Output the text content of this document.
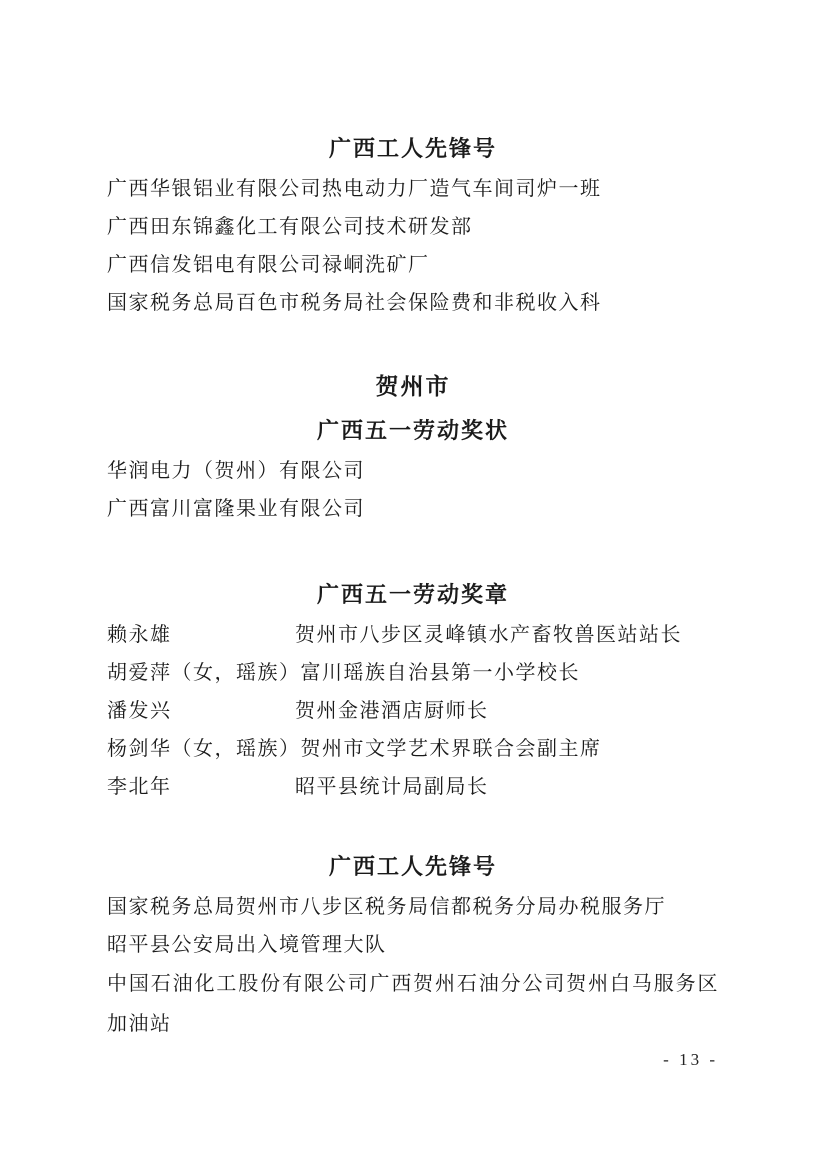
广西工人先锋号

广西华银铝业有限公司热电动力厂造气车间司炉一班

广西田东锦鑫化工有限公司技术研发部

广西信发铝电有限公司禄峒洗矿厂

国家税务总局百色市税务局社会保险费和非税收入科

贺州市
广西五一劳动奖状

华润电力（贺州）有限公司

广西富川富隆果业有限公司

广西五一劳动奖章
赖永雄	贺州市八步区灵峰镇水产畜牧兽医站站长
胡爱萍（女，瑶族） 富川瑶族自治县第一小学校长
潘发兴	贺州金港酒店厨师长
杨剑华（女，瑶族） 贺州市文学艺术界联合会副主席
李北年	昭平县统计局副局长
广西工人先锋号

国家税务总局贺州市八步区税务局信都税务分局办税服务厅

昭平县公安局出入境管理大队

中国石油化工股份有限公司广西贺州石油分公司贺州白马服务区加油站

- 13 -
